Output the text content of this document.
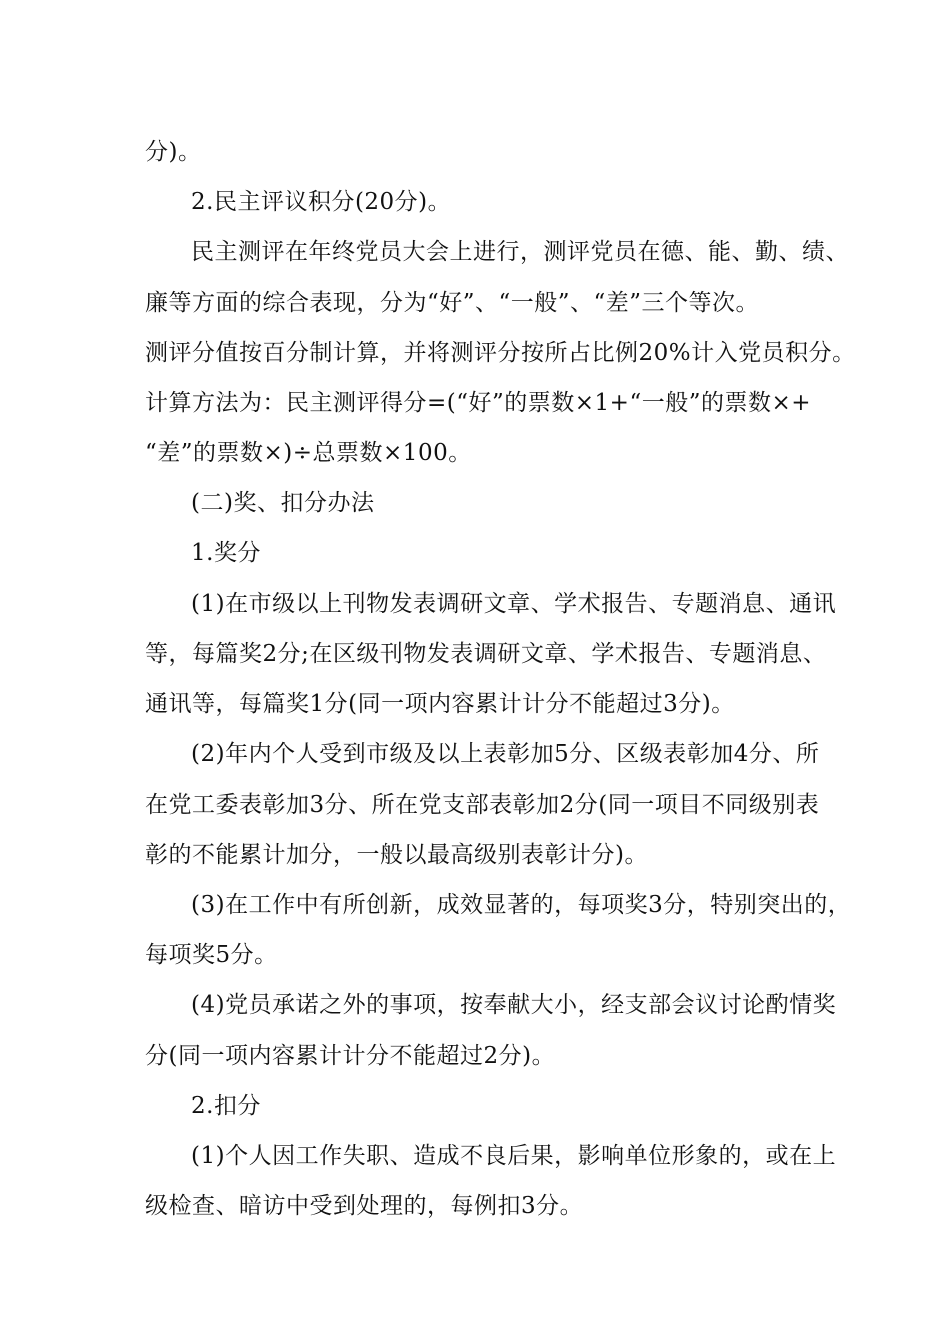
分)。
2.民主评议积分(20分)。
民主测评在年终党员大会上进行，测评党员在德、能、勤、绩、
廉等方面的综合表现，分为“好”、“一般”、“差”三个等次。
测评分值按百分制计算，并将测评分按所占比例20%计入党员积分。
计算方法为：民主测评得分=(“好”的票数×1+“一般”的票数×+
“差”的票数×)÷总票数×100。
(二)奖、扣分办法
1.奖分
(1)在市级以上刊物发表调研文章、学术报告、专题消息、通讯
等，每篇奖2分;在区级刊物发表调研文章、学术报告、专题消息、
通讯等，每篇奖1分(同一项内容累计计分不能超过3分)。
(2)年内个人受到市级及以上表彰加5分、区级表彰加4分、所
在党工委表彰加3分、所在党支部表彰加2分(同一项目不同级别表
彰的不能累计加分，一般以最高级别表彰计分)。
(3)在工作中有所创新，成效显著的，每项奖3分，特别突出的，
每项奖5分。
(4)党员承诺之外的事项，按奉献大小，经支部会议讨论酌情奖
分(同一项内容累计计分不能超过2分)。
2.扣分
(1)个人因工作失职、造成不良后果，影响单位形象的，或在上
级检查、暗访中受到处理的，每例扣3分。
